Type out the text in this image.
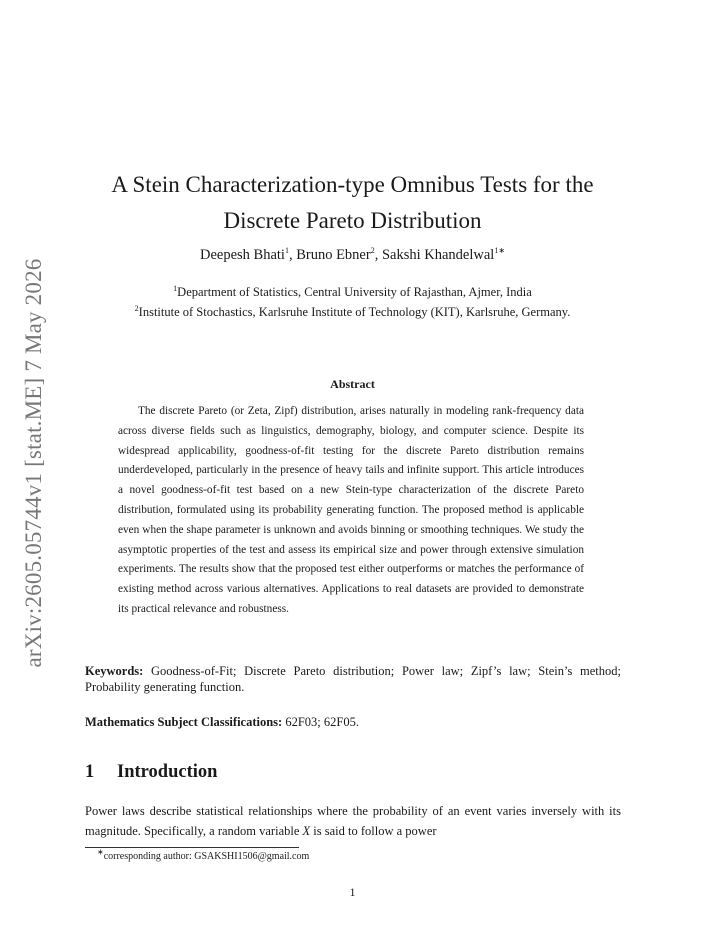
arXiv:2605.05744v1 [stat.ME] 7 May 2026
A Stein Characterization-type Omnibus Tests for the
Discrete Pareto Distribution
Deepesh Bhati$^1$, Bruno Ebner$^2$, Sakshi Khandelwal$^{1∗}$
$^1$Department of Statistics, Central University of Rajasthan, Ajmer, India
$^2$Institute of Stochastics, Karlsruhe Institute of Technology (KIT), Karlsruhe, Germany.
Abstract

The discrete Pareto (or Zeta, Zipf) distribution, arises naturally in modeling rank-frequency data across diverse fields such as linguistics, demography, biology, and computer science. Despite its widespread applicability, goodness-of-fit testing for the discrete Pareto distribution remains underdeveloped, particularly in the presence of heavy tails and infinite support. This article introduces a novel goodness-of-fit test based on a new Stein-type characterization of the discrete Pareto distribution, formulated using its probability generating function. The proposed method is applicable even when the shape parameter is unknown and avoids binning or smoothing techniques. We study the asymptotic properties of the test and assess its empirical size and power through extensive simulation experiments. The results show that the proposed test either outperforms or matches the performance of existing method across various alternatives. Applications to real datasets are provided to demonstrate its practical relevance and robustness.

Keywords: Goodness-of-Fit; Discrete Pareto distribution; Power law; Zipf’s law; Stein’s method; Probability generating function.

Mathematics Subject Classifications: 62F03; 62F05.

1 Introduction

Power laws describe statistical relationships where the probability of an event varies inversely with its magnitude. Specifically, a random variable X is said to follow a power

∗corresponding author: GSAKSHI1506@gmail.com

1
